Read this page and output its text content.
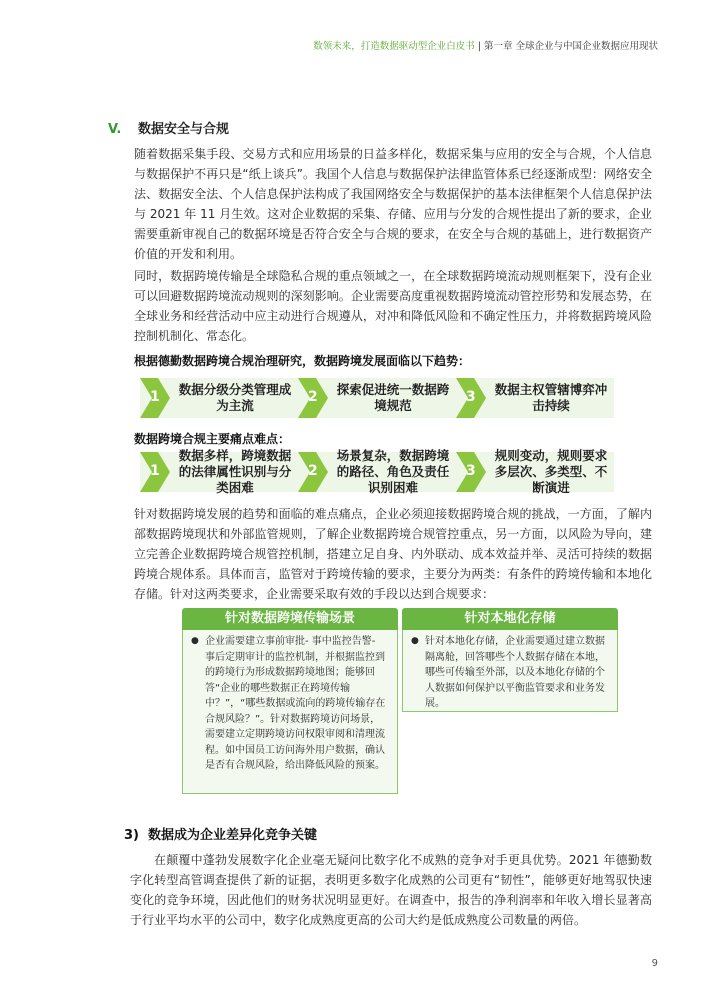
数领未来，打造数据驱动型企业白皮书 | 第一章 全球企业与中国企业数据应用现状
V. 数据安全与合规
随着数据采集手段、交易方式和应用场景的日益多样化，数据采集与应用的安全与合规，个人信息与数据保护不再只是“纸上谈兵”。我国个人信息与数据保护法律监管体系已经逐渐成型：网络安全法、数据安全法、个人信息保护法构成了我国网络安全与数据保护的基本法律框架个人信息保护法与 2021 年 11 月生效。这对企业数据的采集、存储、应用与分发的合规性提出了新的要求，企业需要重新审视自己的数据环境是否符合安全与合规的要求，在安全与合规的基础上，进行数据资产价值的开发和利用。
同时，数据跨境传输是全球隐私合规的重点领域之一，在全球数据跨境流动规则框架下，没有企业可以回避数据跨境流动规则的深刻影响。企业需要高度重视数据跨境流动管控形势和发展态势，在全球业务和经营活动中应主动进行合规遵从，对冲和降低风险和不确定性压力，并将数据跨境风险控制机制化、常态化。
根据德勤数据跨境合规治理研究，数据跨境发展面临以下趋势：
1 数据分级分类管理成为主流
2 探索促进统一数据跨境规范
3 数据主权管辖博弈冲击持续
数据跨境合规主要痛点难点：
1
数据多样，跨境数据的法律属性识别与分类困难
2
场景复杂，数据跨境的路径、角色及责任识别困难
3
规则变动，规则要求多层次、多类型、不断演进
针对数据跨境发展的趋势和面临的难点痛点，企业必须迎接数据跨境合规的挑战，一方面，了解内部数据跨境现状和外部监管规则，了解企业数据跨境合规管控重点，另一方面，以风险为导向，建立完善企业数据跨境合规管控机制，搭建立足自身、内外联动、成本效益并举、灵活可持续的数据跨境合规体系。具体而言，监管对于跨境传输的要求，主要分为两类：有条件的跨境传输和本地化存储。针对这两类要求，企业需要采取有效的手段以达到合规要求：
针对数据跨境传输场景
● 企业需要建立事前审批- 事中监控告警- 事后定期审计的监控机制，并根据监控到的跨境行为形成数据跨境地图；能够回答“企业的哪些数据正在跨境传输中？”，“哪些数据或流向的跨境传输存在合规风险？”。针对数据跨境访问场景，需要建立定期跨境访问权限审阅和清理流程。如中国员工访问海外用户数据，确认是否有合规风险，给出降低风险的预案。
针对本地化存储
● 针对本地化存储，企业需要通过建立数据隔离舱，回答哪些个人数据存储在本地，哪些可传输至外部，以及本地化存储的个人数据如何保护以平衡监管要求和业务发展。
3) 数据成为企业差异化竞争关键
在颠覆中蓬勃发展数字化企业毫无疑问比数字化不成熟的竞争对手更具优势。2021 年德勤数字化转型高管调查提供了新的证据，表明更多数字化成熟的公司更有“韧性”，能够更好地驾驭快速变化的竞争环境，因此他们的财务状况明显更好。在调查中，报告的净利润率和年收入增长显著高于行业平均水平的公司中，数字化成熟度更高的公司大约是低成熟度公司数量的两倍。
9
